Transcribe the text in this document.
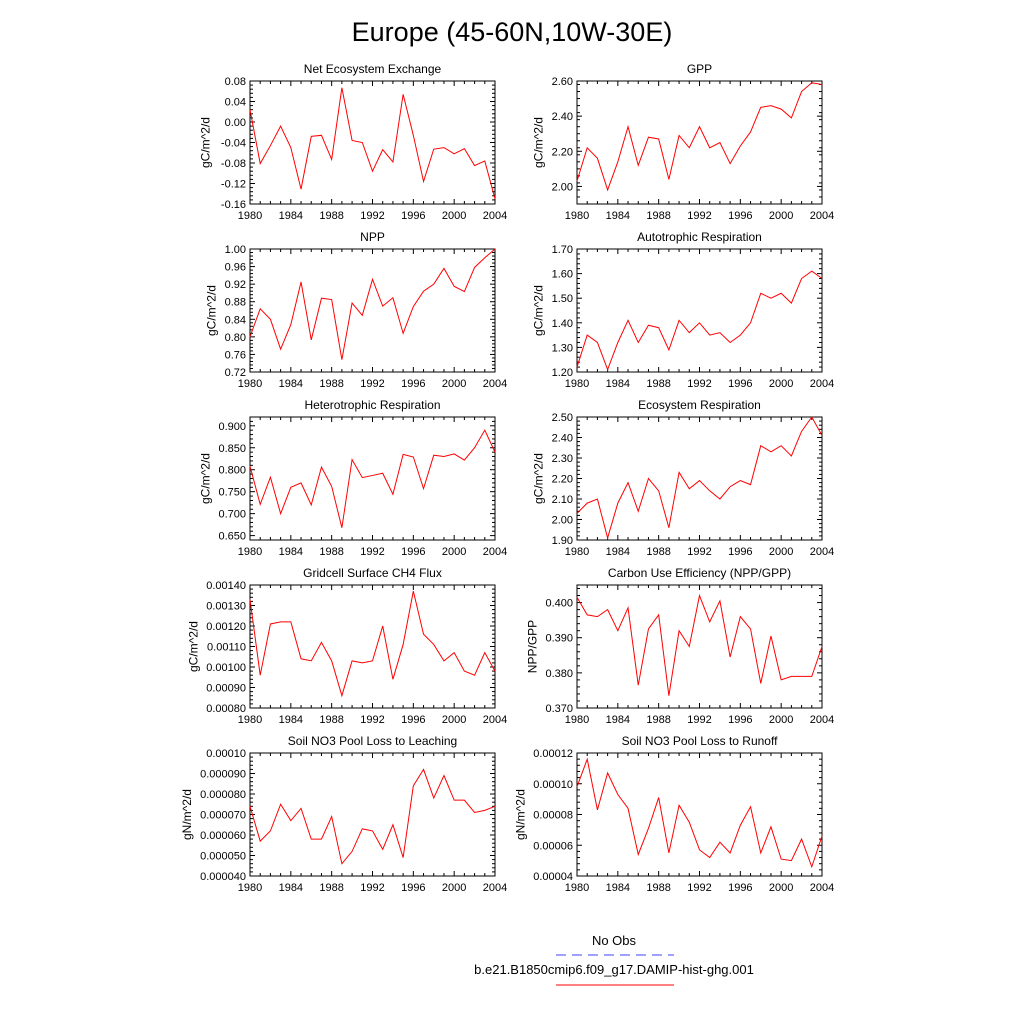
Europe (45-60N,10W-30E)
1980 1984 1988 1992 1996 2000 2004
-0.16
-0.12
-0.08
-0.04
0.00
0.04
0.08
Net Ecosystem Exchange
gC/m^2/d
1980 1984 1988 1992 1996 2000 2004
2.00
2.20
2.40
2.60
GPP
gC/m^2/d
1980 1984 1988 1992 1996 2000 2004
0.72
0.76
0.80
0.84
0.88
0.92
0.96
1.00
NPP
gC/m^2/d
1980 1984 1988 1992 1996 2000 2004
1.20
1.30
1.40
1.50
1.60
1.70
Autotrophic Respiration
gC/m^2/d
1980 1984 1988 1992 1996 2000 2004
0.650
0.700
0.750
0.800
0.850
0.900
Heterotrophic Respiration
gC/m^2/d
1980 1984 1988 1992 1996 2000 2004
1.90
2.00
2.10
2.20
2.30
2.40
2.50
Ecosystem Respiration
gC/m^2/d
1980 1984 1988 1992 1996 2000 2004
0.00080
0.00090
0.00100
0.00110
0.00120
0.00130
0.00140
Gridcell Surface CH4 Flux
gC/m^2/d
1980 1984 1988 1992 1996 2000 2004
0.370
0.380
0.390
0.400
Carbon Use Efficiency (NPP/GPP)
NPP/GPP
1980 1984 1988 1992 1996 2000 2004
0.000040
0.000050
0.000060
0.000070
0.000080
0.000090
0.00010
Soil NO3 Pool Loss to Leaching
gN/m^2/d
1980 1984 1988 1992 1996 2000 2004
0.00004
0.00006
0.00008
0.00010
0.00012
Soil NO3 Pool Loss to Runoff
gN/m^2/d
No Obs
b.e21.B1850cmip6.f09_g17.DAMIP-hist-ghg.001
